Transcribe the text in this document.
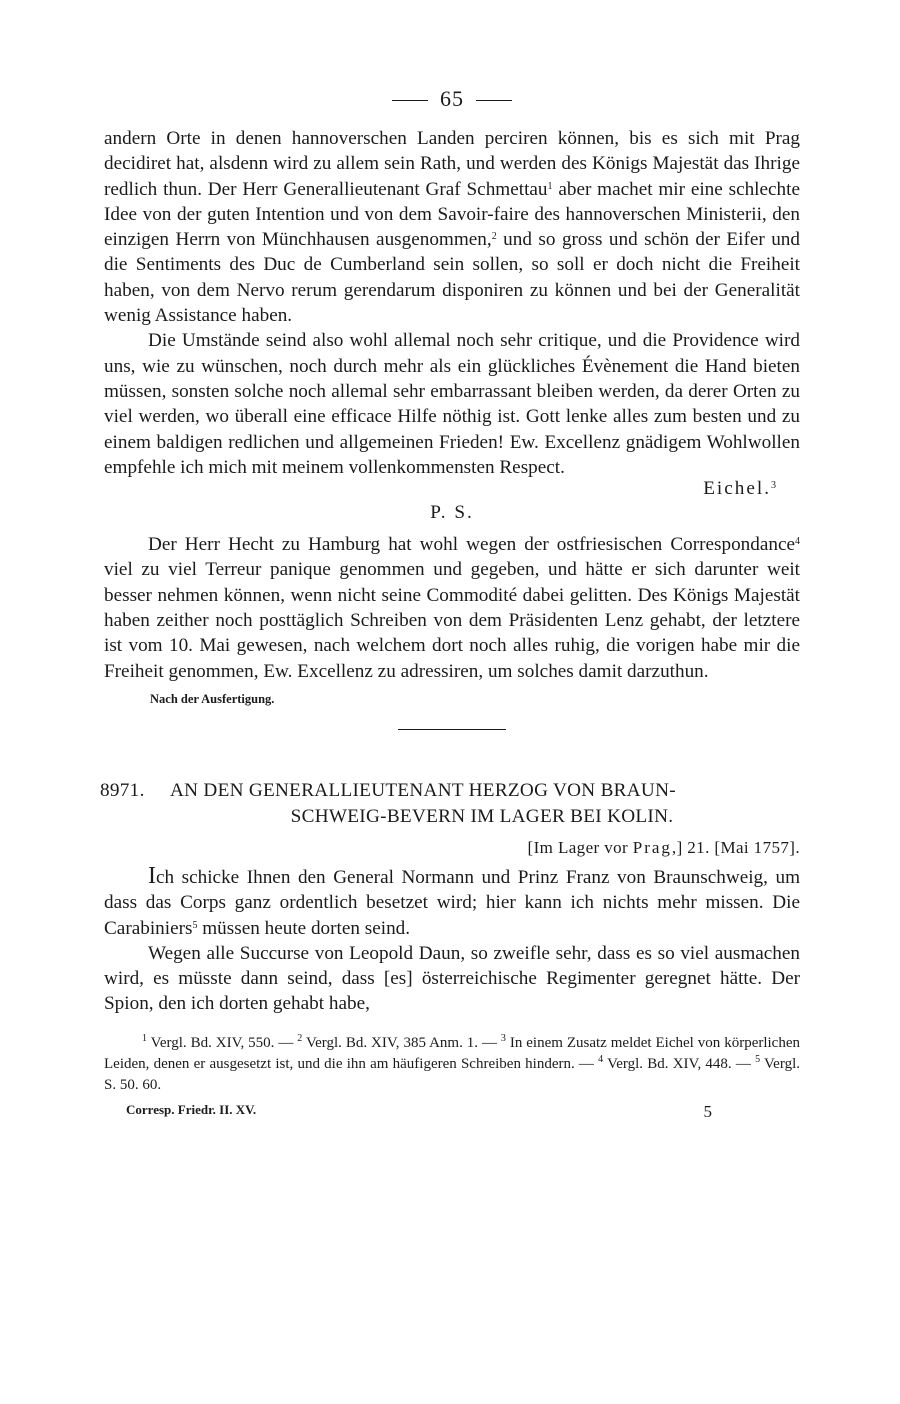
65

andern Orte in denen hannoverschen Landen perciren können, bis es sich mit Prag decidiret hat, alsdenn wird zu allem sein Rath, und werden des Königs Majestät das Ihrige redlich thun. Der Herr Generallieutenant Graf Schmettau$^1$ aber machet mir eine schlechte Idee von der guten Intention und von dem Savoir-faire des hannoverschen Ministerii, den einzigen Herrn von Münchhausen ausgenommen,$^2$ und so gross und schön der Eifer und die Sentiments des Duc de Cumberland sein sollen, so soll er doch nicht die Freiheit haben, von dem Nervo rerum gerendarum disponiren zu können und bei der Generalität wenig Assistance haben.

Die Umstände seind also wohl allemal noch sehr critique, und die Providence wird uns, wie zu wünschen, noch durch mehr als ein glückliches Évènement die Hand bieten müssen, sonsten solche noch allemal sehr embarrassant bleiben werden, da derer Orten zu viel werden, wo überall eine efficace Hilfe nöthig ist. Gott lenke alles zum besten und zu einem baldigen redlichen und allgemeinen Frieden! Ew. Excellenz gnädigem Wohlwollen empfehle ich mich mit meinem vollenkommensten Respect.

Eichel.$^3$
P. S.

Der Herr Hecht zu Hamburg hat wohl wegen der ostfriesischen Correspondance$^4$ viel zu viel Terreur panique genommen und gegeben, und hätte er sich darunter weit besser nehmen können, wenn nicht seine Commodité dabei gelitten. Des Königs Majestät haben zeither noch posttäglich Schreiben von dem Präsidenten Lenz gehabt, der letztere ist vom 10. Mai gewesen, nach welchem dort noch alles ruhig, die vorigen habe mir die Freiheit genommen, Ew. Excellenz zu adressiren, um solches damit darzuthun.

Nach der Ausfertigung.
8971. AN DEN GENERALLIEUTENANT HERZOG VON BRAUN-
SCHWEIG-BEVERN IM LAGER BEI KOLIN.
[Im Lager vor Prag,] 21. [Mai 1757].

Ich schicke Ihnen den General Normann und Prinz Franz von Braunschweig, um dass das Corps ganz ordentlich besetzet wird; hier kann ich nichts mehr missen. Die Carabiniers$^5$ müssen heute dorten seind.

Wegen alle Succurse von Leopold Daun, so zweifle sehr, dass es so viel ausmachen wird, es müsste dann seind, dass [es] österreichische Regimenter geregnet hätte. Der Spion, den ich dorten gehabt habe,

$^1$ Vergl. Bd. XIV, 550. — $^2$ Vergl. Bd. XIV, 385 Anm. 1. — $^3$ In einem Zusatz meldet Eichel von körperlichen Leiden, denen er ausgesetzt ist, und die ihn am häufigeren Schreiben hindern. — $^4$ Vergl. Bd. XIV, 448. — $^5$ Vergl. S. 50. 60.

Corresp. Friedr. II. XV.	5
